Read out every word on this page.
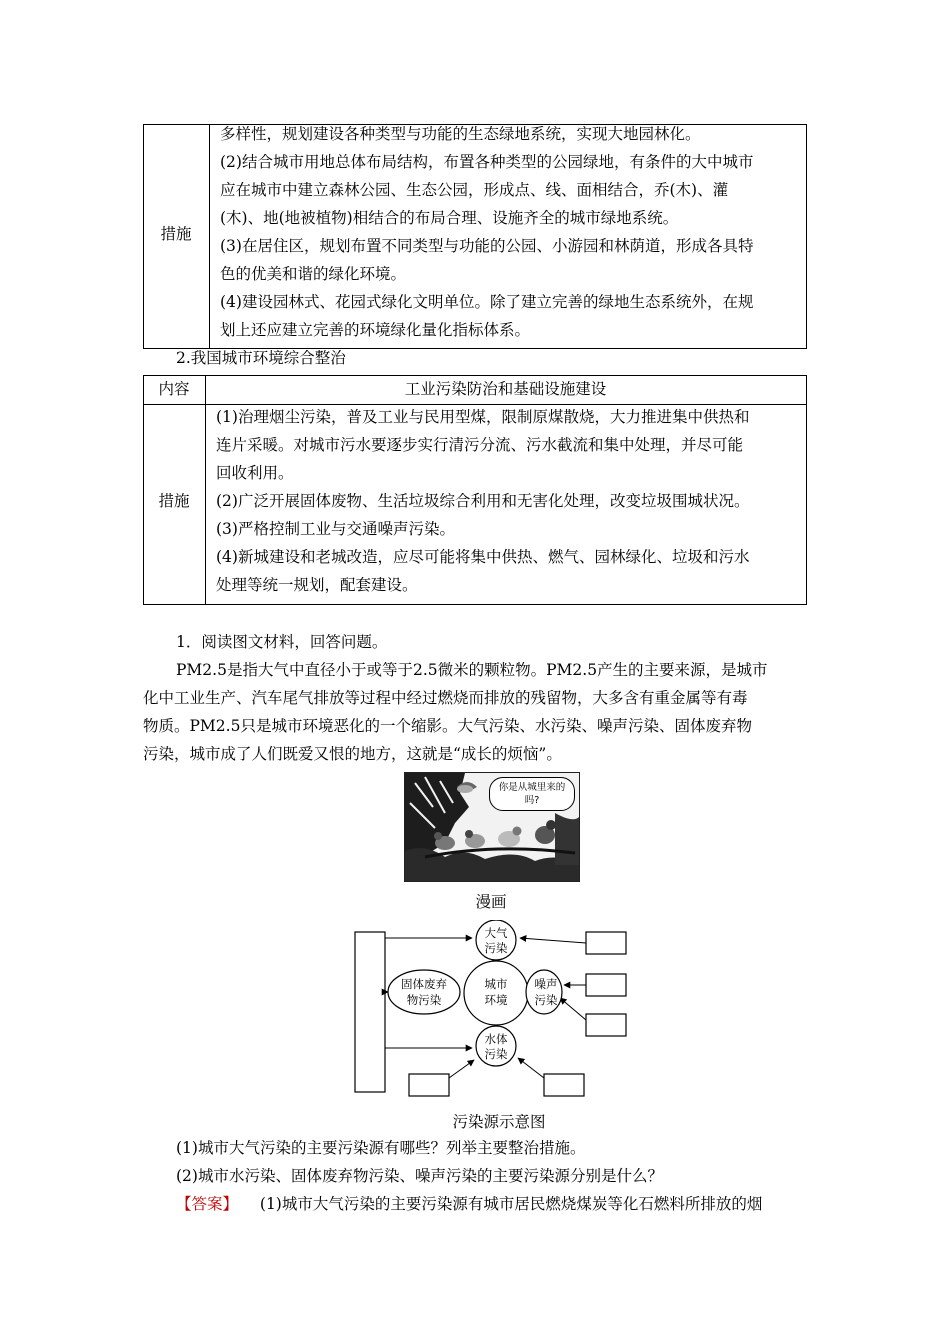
措施
多样性，规划建设各种类型与功能的生态绿地系统，实现大地园林化。
(2)结合城市用地总体布局结构，布置各种类型的公园绿地，有条件的大中城市
应在城市中建立森林公园、生态公园，形成点、线、面相结合，乔(木)、灌
(木)、地(地被植物)相结合的布局合理、设施齐全的城市绿地系统。
(3)在居住区，规划布置不同类型与功能的公园、小游园和林荫道，形成各具特
色的优美和谐的绿化环境。
(4)建设园林式、花园式绿化文明单位。除了建立完善的绿地生态系统外，在规
划上还应建立完善的环境绿化量化指标体系。
2.我国城市环境综合整治
内容	工业污染防治和基础设施建设
措施
(1)治理烟尘污染，普及工业与民用型煤，限制原煤散烧，大力推进集中供热和
连片采暖。对城市污水要逐步实行清污分流、污水截流和集中处理，并尽可能
回收利用。
(2)广泛开展固体废物、生活垃圾综合利用和无害化处理，改变垃圾围城状况。
(3)严格控制工业与交通噪声污染。
(4)新城建设和老城改造，应尽可能将集中供热、燃气、园林绿化、垃圾和污水
处理等统一规划，配套建设。
1．阅读图文材料，回答问题。
PM2.5是指大气中直径小于或等于2.5微米的颗粒物。PM2.5产生的主要来源，是城市
化中工业生产、汽车尾气排放等过程中经过燃烧而排放的残留物，大多含有重金属等有毒
物质。PM2.5只是城市环境恶化的一个缩影。大气污染、水污染、噪声污染、固体废弃物
污染，城市成了人们既爱又恨的地方，这就是“成长的烦恼”。
你是从城里来的
吗?
漫画
大气
污染
城市
环境
固体废弃
物污染
噪声
污染
水体
污染
污染源示意图
(1)城市大气污染的主要污染源有哪些？列举主要整治措施。
(2)城市水污染、固体废弃物污染、噪声污染的主要污染源分别是什么？
【答案】 (1)城市大气污染的主要污染源有城市居民燃烧煤炭等化石燃料所排放的烟
